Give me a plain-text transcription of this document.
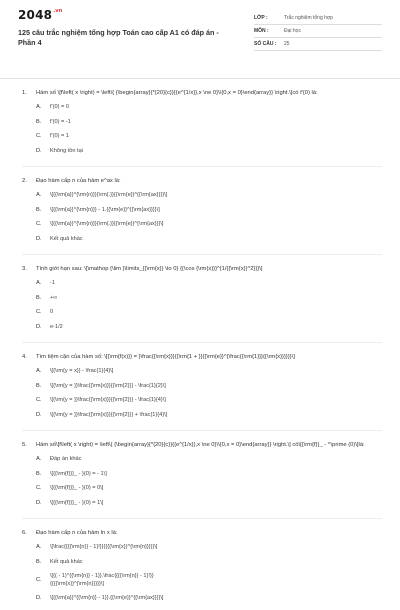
$2048^{.vn}$
125 câu trắc nghiệm tổng hợp Toán cao cấp A1 có đáp án - Phần 4
LỚP :	Trắc nghiệm tổng hợp
MÔN :	Đại học
SỐ CÂU :	25
1.	Hàm số \[f\left( x \right) = \left\{ {\begin{array}{*{20}{c}}{{e^{1/x}},x \ne 0}\\{0,x = 0}\end{array}} \right.\]có f'(0) là:
A.	f'(0) = 0
B.	f'(0) = -1
C.	f'(0) = 1
D.	Không tồn tại
2.	Đạo hàm cấp n của hàm e^ax là:
A.	\[{{\rm{a}}^{\rm{n}}}{\rm{.}}{{\rm{e}}^{{\rm{ax}}}}\]
B.	\[{{\rm{a}}^{\rm{n}}} - 1.{{\rm{e}}^{{\rm{ax}}}}\]
C.	\[{{\rm{a}}^{\rm{n}}}{\rm{.}}{{\rm{e}}^{\rm{ax}}}\]
D.	Kết quả khác
3.	Tính giới hạn sau: \[\mathop {\lim }\limits_{{\rm{x}} \to 0} {{\cos {\rm{x}}}^{1/{{\rm{x}}^2}}}\]
A.	-1
B.	+∞
C.	0
D.	e-1/2
4.	Tìm tiệm cận của hàm số: \[{\rm{f(x)}} = }\frac{{\rm{x}}}{{\rm{1 + }}{{\rm{e}}^{\frac{{\rm{1}}}{{\rm{x}}}}}}\]
A.	\[{\rm{y = x}} - \frac{1}{4}\]
B.	\[{\rm{y = }}\frac{{\rm{x}}}{{\rm{2}}} - \frac{1}{2}\]
C.	\[{\rm{y = }}\frac{{\rm{x}}}{{\rm{2}}} - \frac{1}{4}\]
D.	\[{\rm{y = }}\frac{{\rm{x}}}{{\rm{2}}} + \frac{1}{4}\]
5.	Hàm số\[f\left( x \right) = \left\{ {\begin{array}{*{20}{c}}{{e^{1/x}},x \ne 0}\\{0,x = 0}\end{array}} \right.\] có\[{\rm{f}}_ - ^\prime (0)\]là:
A.	Đáp án khác
B.	\[{{\rm{f}}}_ - }(0) = - 1\]
C.	\[{{\rm{f}}}_ - }(0) = 0\]
D.	\[{{\rm{f}}}_ - }(0) = 1\]
6.	Đạo hàm cấp n của hàm ln x là:
A.	\[\frac{{{{\rm{n}} - 1}!}}{{{{\rm{x}}^{\rm{n}}}}}\]
B.	Kết quả khác
C.
\[{( - 1)^{{\rm{n}} - 1}}.\frac{{{{\rm{n}} - 1}!}}{{{{\rm{x}}^{\rm{n}}}}}\]
D.	\[{{\rm{a}}^{{\rm{n}} - 1}}.{{\rm{e}}^{{\rm{ax}}}}\]
